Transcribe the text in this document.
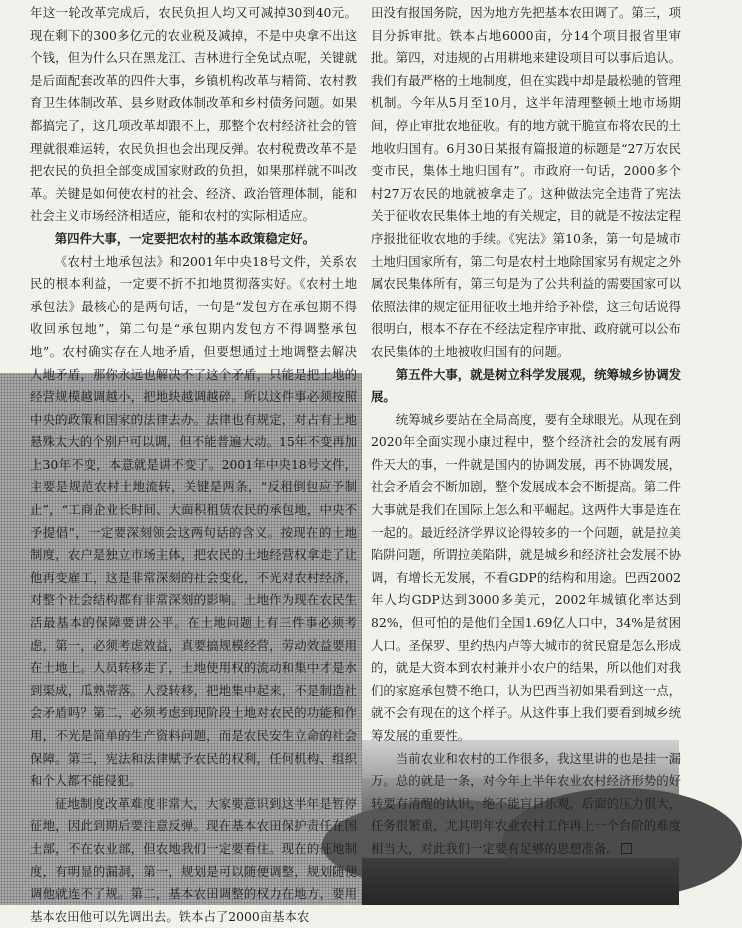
年这一轮改革完成后，农民负担人均又可减掉30到40元。现在剩下的300多亿元的农业税及减掉，不是中央拿不出这个钱，但为什么只在黑龙江、吉林进行全免试点呢，关键就是后面配套改革的四件大事，乡镇机构改革与精简、农村教育卫生体制改革、县乡财政体制改革和乡村债务问题。如果都搞完了，这几项改革却跟不上，那整个农村经济社会的管理就很难运转，农民负担也会出现反弹。农村税费改革不是把农民的负担全部变成国家财政的负担，如果那样就不叫改革。关键是如何使农村的社会、经济、政治管理体制，能和社会主义市场经济相适应，能和农村的实际相适应。

第四件大事，一定要把农村的基本政策稳定好。

《农村土地承包法》和2001年中央18号文件，关系农民的根本利益，一定要不折不扣地贯彻落实好。《农村土地承包法》最核心的是两句话，一句是“发包方在承包期不得收回承包地”，第二句是“承包期内发包方不得调整承包地”。农村确实存在人地矛盾，但要想通过土地调整去解决人地矛盾，那你永远也解决不了这个矛盾，只能是把土地的经营规模越调越小，把地块越调越碎。所以这件事必须按照中央的政策和国家的法律去办。法律也有规定，对占有土地悬殊太大的个别户可以调，但不能普遍大动。15年不变再加上30年不变，本意就是讲不变了。2001年中央18号文件，主要是规范农村土地流转，关键是两条，“反租倒包应予制止”，“工商企业长时间、大面积租赁农民的承包地，中央不予提倡”，一定要深刻领会这两句话的含义。按现在的土地制度，农户是独立市场主体，把农民的土地经营权拿走了让他再变雇工，这是非常深刻的社会变化，不光对农村经济，对整个社会结构都有非常深刻的影响。土地作为现在农民生活最基本的保障要讲公平。在土地问题上有三件事必须考虑，第一，必须考虑效益，真要搞规模经营，劳动效益要用在土地上。人员转移走了，土地使用权的流动和集中才是水到渠成，瓜熟蒂落。人没转移，把地集中起来，不是制造社会矛盾吗？第二，必须考虑到现阶段土地对农民的功能和作用，不光是简单的生产资料问题，而是农民安生立命的社会保障。第三，宪法和法律赋予农民的权利，任何机构、组织和个人都不能侵犯。

征地制度改革难度非常大，大家要意识到这半年是暂停征地，因此到期后要注意反弹。现在基本农田保护责任在国土部，不在农业部，但农地我们一定要看住。现在的征地制度，有明显的漏洞，第一，规划是可以随便调整，规划随便调他就连不了规。第二，基本农田调整的权力在地方，要用基本农田他可以先调出去。铁本占了2000亩基本农

田没有报国务院，因为地方先把基本农田调了。第三，项目分拆审批。铁本占地6000亩，分14个项目报省里审批。第四，对违规的占用耕地来建设项目可以事后追认。我们有最严格的土地制度，但在实践中却是最松驰的管理机制。今年从5月至10月，这半年清理整顿土地市场期间，停止审批农地征收。有的地方就干脆宣布将农民的土地收归国有。6月30日某报有篇报道的标题是“27万农民变市民，集体土地归国有”。市政府一句话，2000多个村27万农民的地就被拿走了。这种做法完全违背了宪法关于征收农民集体土地的有关规定，目的就是不按法定程序报批征收农地的手续。《宪法》第10条，第一句是城市土地归国家所有，第二句是农村土地除国家另有规定之外属农民集体所有，第三句是为了公共利益的需要国家可以依照法律的规定征用征收土地并给予补偿，这三句话说得很明白，根本不存在不经法定程序审批、政府就可以公布农民集体的土地被收归国有的问题。

第五件大事，就是树立科学发展观，统筹城乡协调发展。

统筹城乡要站在全局高度，要有全球眼光。从现在到2020年全面实现小康过程中，整个经济社会的发展有两件天大的事，一件就是国内的协调发展，再不协调发展，社会矛盾会不断加剧，整个发展成本会不断提高。第二件大事就是我们在国际上怎么和平崛起。这两件大事是连在一起的。最近经济学界议论得较多的一个问题，就是拉美陷阱问题，所谓拉美陷阱，就是城乡和经济社会发展不协调，有增长无发展，不看GDP的结构和用途。巴西2002年人均GDP达到3000多美元，2002年城镇化率达到82%，但可怕的是他们全国1.69亿人口中，34%是贫困人口。圣保罗、里约热内卢等大城市的贫民窟是怎么形成的，就是大资本到农村兼并小农户的结果，所以他们对我们的家庭承包赞不绝口，认为巴西当初如果看到这一点，就不会有现在的这个样子。从这件事上我们要看到城乡统筹发展的重要性。

当前农业和农村的工作很多，我这里讲的也是挂一漏万。总的就是一条，对今年上半年农业农村经济形势的好转要有清醒的认识，绝不能盲目乐观，后面的压力很大，任务很繁重，尤其明年农业农村工作再上一个台阶的难度相当大，对此我们一定要有足够的思想准备。
